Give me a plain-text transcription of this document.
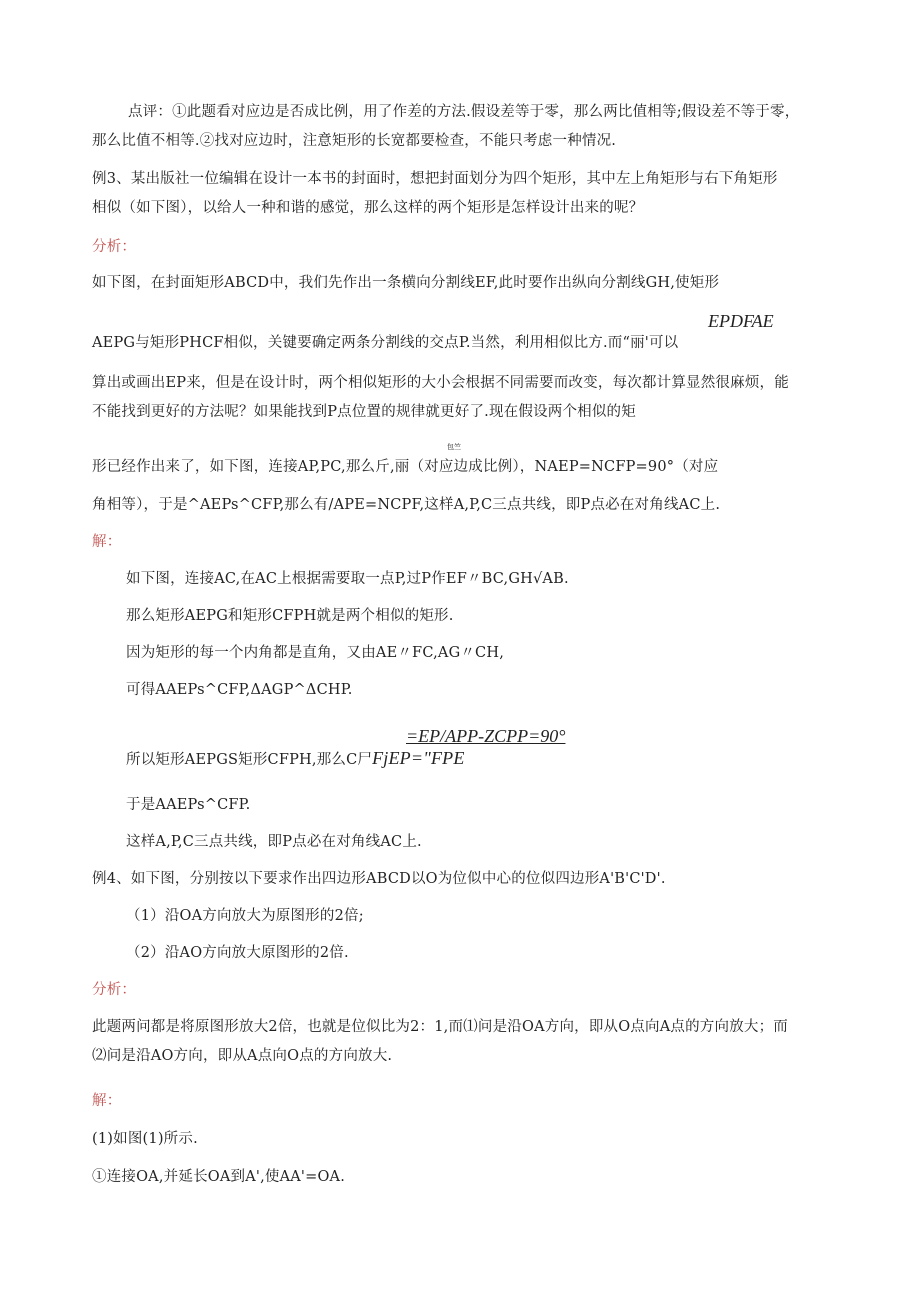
点评：①此题看对应边是否成比例，用了作差的方法.假设差等于零，那么两比值相等;假设差不等于零，
那么比值不相等.②找对应边时，注意矩形的长宽都要检查，不能只考虑一种情况.
例3、某出版社一位编辑在设计一本书的封面时，想把封面划分为四个矩形，其中左上角矩形与右下角矩形
相似（如下图），以给人一种和谐的感觉，那么这样的两个矩形是怎样设计出来的呢？
分析：
如下图，在封面矩形ABCD中，我们先作出一条横向分割线EF,此时要作出纵向分割线GH,使矩形
EPDFAE
AEPG与矩形PHCF相似，关键要确定两条分割线的交点P.当然，利用相似比方.而“丽'可以
算出或画出EP来，但是在设计时，两个相似矩形的大小会根据不同需要而改变，每次都计算显然很麻烦，能
不能找到更好的方法呢？如果能找到P点位置的规律就更好了.现在假设两个相似的矩
包竺
形已经作出来了，如下图，连接AP,PC,那么斤,丽（对应边成比例），NAEP=NCFP=90°（对应
角相等），于是^AEPs^CFP,那么有/APE=NCPF,这样A,P,C三点共线，即P点必在对角线AC上.
解：
如下图，连接AC,在AC上根据需要取一点P,过P作EF〃BC,GH√AB.
那么矩形AEPG和矩形CFPH就是两个相似的矩形.
因为矩形的每一个内角都是直角，又由AE〃FC,AG〃CH,
可得AAEPs^CFP,ΔAGP^ΔCHP.
=EP/APP-ZCPP=90°
所以矩形AEPGS矩形CFPH,那么C尸FjEP="FPE
于是AAEPs^CFP.
这样A,P,C三点共线，即P点必在对角线AC上.
例4、如下图，分别按以下要求作出四边形ABCD以O为位似中心的位似四边形A'B'C'D'.
（1）沿OA方向放大为原图形的2倍;
（2）沿AO方向放大原图形的2倍.
分析：
此题两问都是将原图形放大2倍，也就是位似比为2：1,而⑴问是沿OA方向，即从O点向A点的方向放大；而
⑵问是沿AO方向，即从A点向O点的方向放大.
解：
(1)如图(1)所示.
①连接OA,并延长OA到A',使AA'=OA.
